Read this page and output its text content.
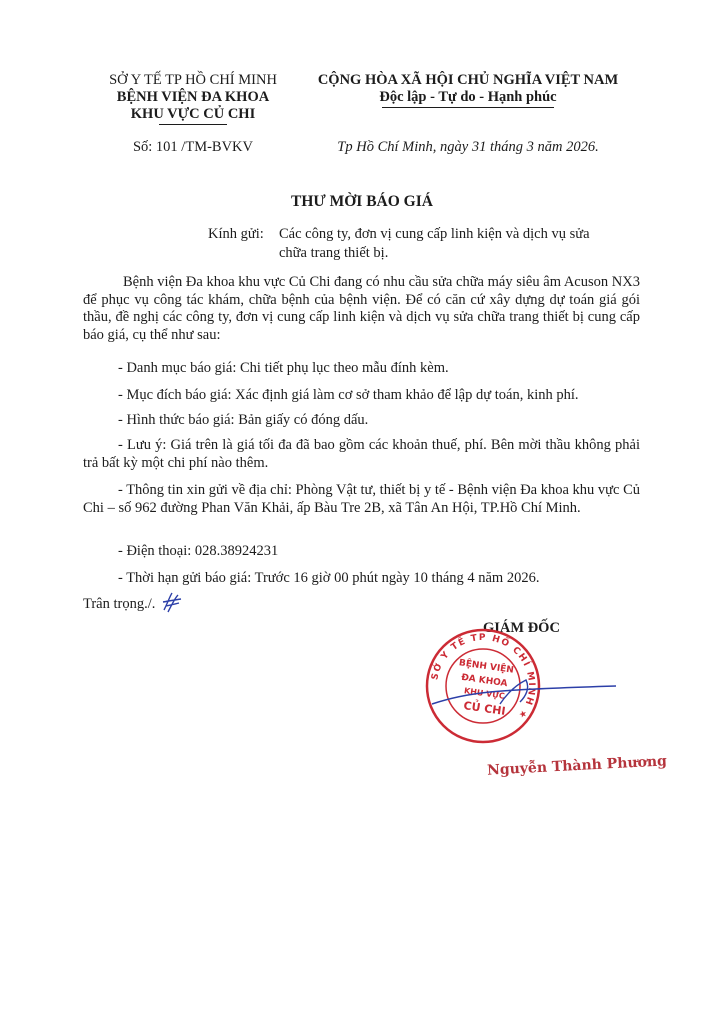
SỞ Y TẾ TP HỒ CHÍ MINH
BỆNH VIỆN ĐA KHOA
KHU VỰC CỦ CHI
Số: 101 /TM-BVKV
CỘNG HÒA XÃ HỘI CHỦ NGHĨA VIỆT NAM
Độc lập - Tự do - Hạnh phúc
Tp Hồ Chí Minh, ngày 31 tháng 3 năm 2026.
THƯ MỜI BÁO GIÁ
Kính gửi: Các công ty, đơn vị cung cấp linh kiện và dịch vụ sửa
chữa trang thiết bị.
Bệnh viện Đa khoa khu vực Củ Chi đang có nhu cầu sửa chữa máy siêu âm Acuson NX3 để phục vụ công tác khám, chữa bệnh của bệnh viện. Để có căn cứ xây dựng dự toán giá gói thầu, đề nghị các công ty, đơn vị cung cấp linh kiện và dịch vụ sửa chữa trang thiết bị cung cấp báo giá, cụ thể như sau:
- Danh mục báo giá: Chi tiết phụ lục theo mẫu đính kèm.
- Mục đích báo giá: Xác định giá làm cơ sở tham khảo để lập dự toán, kinh phí.
- Hình thức báo giá: Bản giấy có đóng dấu.
- Lưu ý: Giá trên là giá tối đa đã bao gồm các khoản thuế, phí. Bên mời thầu không phải trả bất kỳ một chi phí nào thêm.
- Thông tin xin gửi về địa chỉ: Phòng Vật tư, thiết bị y tế - Bệnh viện Đa khoa khu vực Củ Chi – số 962 đường Phan Văn Khải, ấp Bàu Tre 2B, xã Tân An Hội, TP.Hồ Chí Minh.
- Điện thoại: 028.38924231
- Thời hạn gửi báo giá: Trước 16 giờ 00 phút ngày 10 tháng 4 năm 2026.
Trân trọng./.
GIÁM ĐỐC
SỞ Y TẾ TP HỒ CHÍ MINH ★
BỆNH VIỆN
ĐA KHOA
KHU VỰC
CỦ CHI
Nguyễn Thành Phương
